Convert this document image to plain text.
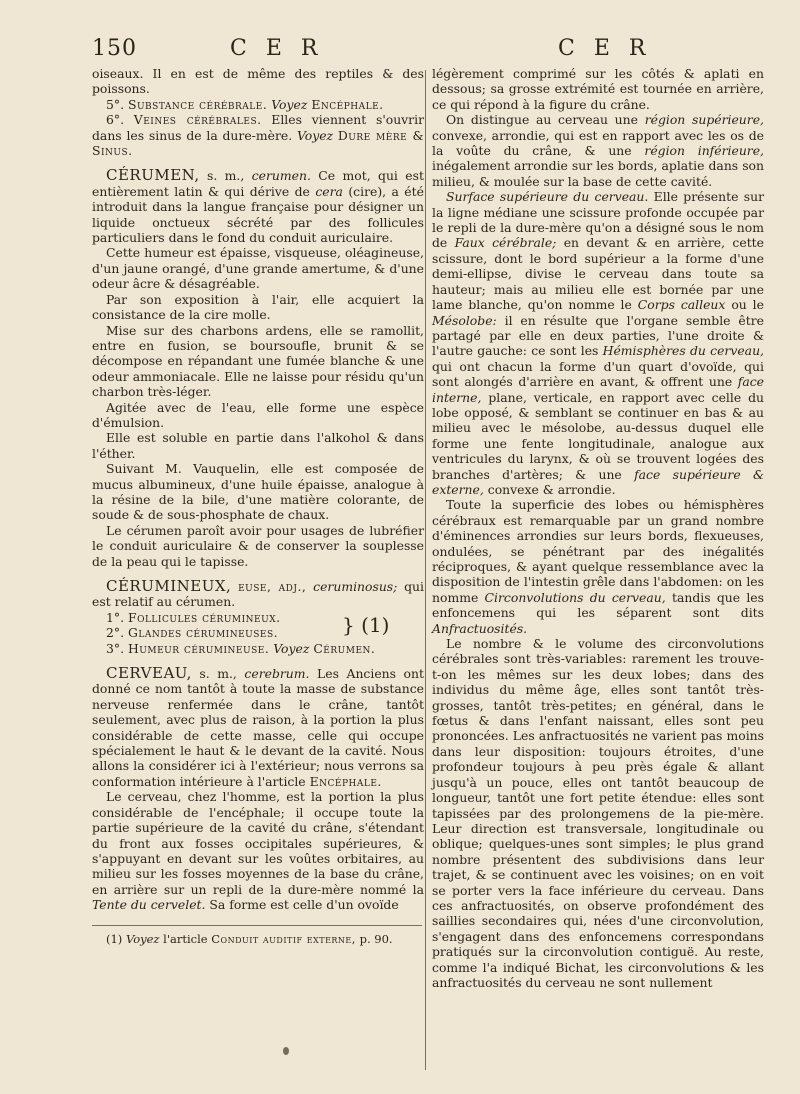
150	C E R	C E R

oiseaux. Il en est de même des reptiles & des poissons.

5°. Substance cérébrale. Voyez Encéphale.

6°. Veines cérébrales. Elles viennent s'ouvrir dans les sinus de la dure-mère. Voyez Dure mère & Sinus.

CÉRUMEN, s. m., cerumen. Ce mot, qui est entièrement latin & qui dérive de cera (cire), a été introduit dans la langue française pour désigner un liquide onctueux sécrété par des follicules particuliers dans le fond du conduit auriculaire.

Cette humeur est épaisse, visqueuse, oléagineuse, d'un jaune orangé, d'une grande amertume, & d'une odeur âcre & désagréable.

Par son exposition à l'air, elle acquiert la consistance de la cire molle.

Mise sur des charbons ardens, elle se ramollit, entre en fusion, se boursoufle, brunit & se décompose en répandant une fumée blanche & une odeur ammoniacale. Elle ne laisse pour résidu qu'un charbon très-léger.

Agitée avec de l'eau, elle forme une espèce d'émulsion.

Elle est soluble en partie dans l'alkohol & dans l'éther.

Suivant M. Vauquelin, elle est composée de mucus albumineux, d'une huile épaisse, analogue à la résine de la bile, d'une matière colorante, de soude & de sous-phosphate de chaux.

Le cérumen paroît avoir pour usages de lubréfier le conduit auriculaire & de conserver la souplesse de la peau qui le tapisse.

CÉRUMINEUX, euse, adj., ceruminosus; qui est relatif au cérumen.

1°. Follicules cérumineux.

2°. Glandes cérumineuses.	} (1)

3°. Humeur cérumineuse. Voyez Cérumen.

CERVEAU, s. m., cerebrum. Les Anciens ont donné ce nom tantôt à toute la masse de substance nerveuse renfermée dans le crâne, tantôt seulement, avec plus de raison, à la portion la plus considérable de cette masse, celle qui occupe spécialement le haut & le devant de la cavité. Nous allons la considérer ici à l'extérieur; nous verrons sa conformation intérieure à l'article Encéphale.

Le cerveau, chez l'homme, est la portion la plus considérable de l'encéphale; il occupe toute la partie supérieure de la cavité du crâne, s'étendant du front aux fosses occipitales supérieures, & s'appuyant en devant sur les voûtes orbitaires, au milieu sur les fosses moyennes de la base du crâne, en arrière sur un repli de la dure-mère nommé la Tente du cervelet. Sa forme est celle d'un ovoïde

(1) Voyez l'article Conduit auditif externe, p. 90.

légèrement comprimé sur les côtés & aplati en dessous; sa grosse extrémité est tournée en arrière, ce qui répond à la figure du crâne.

On distingue au cerveau une région supérieure, convexe, arrondie, qui est en rapport avec les os de la voûte du crâne, & une région inférieure, inégalement arrondie sur les bords, aplatie dans son milieu, & moulée sur la base de cette cavité.

Surface supérieure du cerveau. Elle présente sur la ligne médiane une scissure profonde occupée par le repli de la dure-mère qu'on a désigné sous le nom de Faux cérébrale; en devant & en arrière, cette scissure, dont le bord supérieur a la forme d'une demi-ellipse, divise le cerveau dans toute sa hauteur; mais au milieu elle est bornée par une lame blanche, qu'on nomme le Corps calleux ou le Mésolobe: il en résulte que l'organe semble être partagé par elle en deux parties, l'une droite & l'autre gauche: ce sont les Hémisphères du cerveau, qui ont chacun la forme d'un quart d'ovoïde, qui sont alongés d'arrière en avant, & offrent une face interne, plane, verticale, en rapport avec celle du lobe opposé, & semblant se continuer en bas & au milieu avec le mésolobe, au-dessus duquel elle forme une fente longitudinale, analogue aux ventricules du larynx, & où se trouvent logées des branches d'artères; & une face supérieure & externe, convexe & arrondie.

Toute la superficie des lobes ou hémisphères cérébraux est remarquable par un grand nombre d'éminences arrondies sur leurs bords, flexueuses, ondulées, se pénétrant par des inégalités réciproques, & ayant quelque ressemblance avec la disposition de l'intestin grêle dans l'abdomen: on les nomme Circonvolutions du cerveau, tandis que les enfoncemens qui les séparent sont dits Anfractuosités.

Le nombre & le volume des circonvolutions cérébrales sont très-variables: rarement les trouve-t-on les mêmes sur les deux lobes; dans des individus du même âge, elles sont tantôt très-grosses, tantôt très-petites; en général, dans le fœtus & dans l'enfant naissant, elles sont peu prononcées. Les anfractuosités ne varient pas moins dans leur disposition: toujours étroites, d'une profondeur toujours à peu près égale & allant jusqu'à un pouce, elles ont tantôt beaucoup de longueur, tantôt une fort petite étendue: elles sont tapissées par des prolongemens de la pie-mère. Leur direction est transversale, longitudinale ou oblique; quelques-unes sont simples; le plus grand nombre présentent des subdivisions dans leur trajet, & se continuent avec les voisines; on en voit se porter vers la face inférieure du cerveau. Dans ces anfractuosités, on observe profondément des saillies secondaires qui, nées d'une circonvolution, s'engagent dans des enfoncemens correspondans pratiqués sur la circonvolution contiguë. Au reste, comme l'a indiqué Bichat, les circonvolutions & les anfractuosités du cerveau ne sont nullement
